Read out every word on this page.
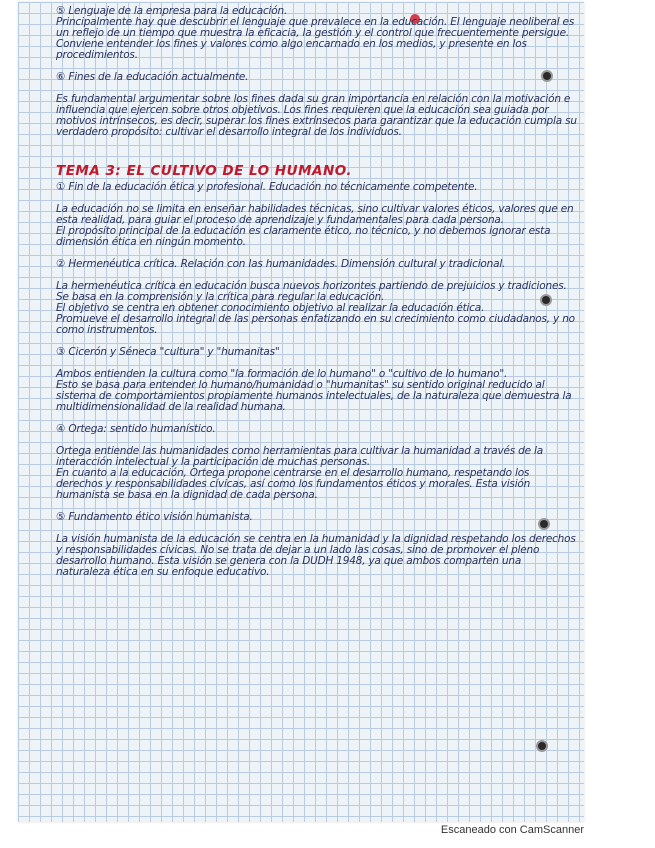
⑤ Lenguaje de la empresa para la educación.

Principalmente hay que descubrir el lenguaje que prevalece en la educación. El lenguaje neoliberal es un reflejo de un tiempo que muestra la eficacia, la gestión y el control que frecuentemente persigue. Conviene entender los fines y valores como algo encarnado en los medios, y presente en los procedimientos.

⑥ Fines de la educación actualmente.

Es fundamental argumentar sobre los fines dada su gran importancia en relación con la motivación e influencia que ejercen sobre otros objetivos. Los fines requieren que la educación sea guiada por motivos intrínsecos, es decir, superar los fines extrínsecos para garantizar que la educación cumpla su verdadero propósito: cultivar el desarrollo integral de los individuos.

TEMA 3: EL CULTIVO DE LO HUMANO.

① Fin de la educación ética y profesional. Educación no técnicamente competente.

La educación no se limita en enseñar habilidades técnicas, sino cultivar valores éticos, valores que en esta realidad, para guiar el proceso de aprendizaje y fundamentales para cada persona.
El propósito principal de la educación es claramente ético, no técnico, y no debemos ignorar esta dimensión ética en ningún momento.

② Hermenéutica crítica. Relación con las humanidades. Dimensión cultural y tradicional.

La hermenéutica crítica en educación busca nuevos horizontes partiendo de prejuicios y tradiciones. Se basa en la comprensión y la crítica para regular la educación.
El objetivo se centra en obtener conocimiento objetivo al realizar la educación ética.
Promueve el desarrollo integral de las personas enfatizando en su crecimiento como ciudadanos, y no como instrumentos.

③ Cicerón y Séneca "cultura" y "humanitas"

Ambos entienden la cultura como "la formación de lo humano" o "cultivo de lo humano".
Esto se basa para entender lo humano/humanidad o "humanitas" su sentido original reducido al sistema de comportamientos propiamente humanos intelectuales, de la naturaleza que demuestra la multidimensionalidad de la realidad humana.

④ Ortega: sentido humanístico.

Ortega entiende las humanidades como herramientas para cultivar la humanidad a través de la interacción intelectual y la participación de muchas personas.
En cuanto a la educación, Ortega propone centrarse en el desarrollo humano, respetando los derechos y responsabilidades cívicas, así como los fundamentos éticos y morales. Esta visión humanista se basa en la dignidad de cada persona.

⑤ Fundamento ético visión humanista.

La visión humanista de la educación se centra en la humanidad y la dignidad respetando los derechos y responsabilidades cívicas. No se trata de dejar a un lado las cosas, sino de promover el pleno desarrollo humano. Esta visión se genera con la DUDH 1948, ya que ambos comparten una naturaleza ética en su enfoque educativo.

Escaneado con CamScanner
